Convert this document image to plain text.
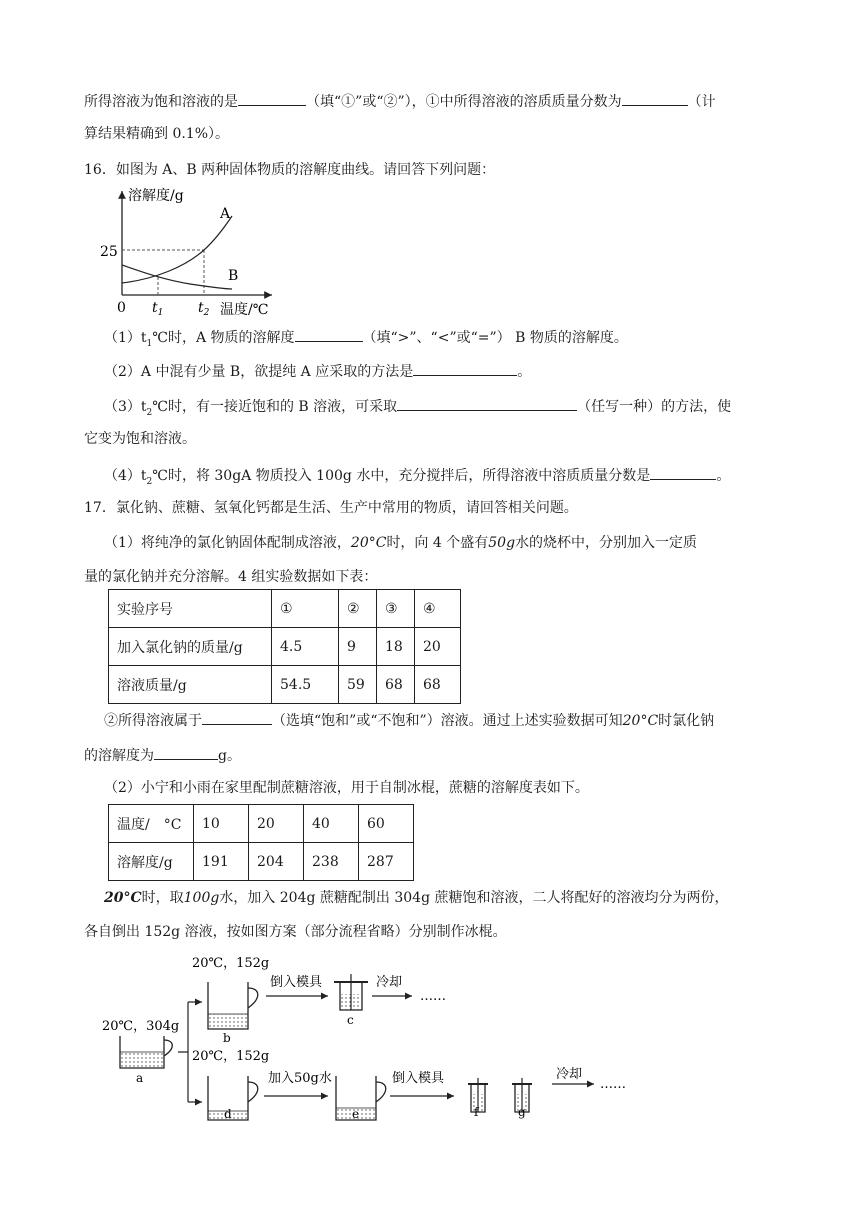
所得溶液为饱和溶液的是	（填“①”或“②”），①中所得溶液的溶质质量分数为	（计
算结果精确到 0.1%）。
16．如图为 A、B 两种固体物质的溶解度曲线。请回答下列问题：
溶解度/g
温度/℃
25
0 $t_1$ $t_2$
A
B
$(1)t_1℃$时，A 物质的溶解度	（填“>”、“<”或“=”） B 物质的溶解度。
（2）A 中混有少量 B，欲提纯 A 应采取的方法是	。
$(3)t_2℃$时，有一接近饱和的 B 溶液，可采取	（任写一种）的方法，使
它变为饱和溶液。
$(4)t_2℃$时，将 30gA 物质投入 100g 水中，充分搅拌后，所得溶液中溶质质量分数是	。
17．氯化钠、蔗糖、氢氧化钙都是生活、生产中常用的物质，请回答相关问题。
（1）将纯净的氯化钠固体配制成溶液，20°C时，向 4 个盛有50g水的烧杯中，分别加入一定质
量的氯化钠并充分溶解。4 组实验数据如下表：
实验序号	①	②	③	④
加入氯化钠的质量/g	4.5	9	18	20
溶液质量/g	54.5	59	68	68
②所得溶液属于	（选填“饱和”或“不饱和”）溶液。通过上述实验数据可知20°C时氯化钠
的溶解度为	g。
（2）小宁和小雨在家里配制蔗糖溶液，用于自制冰棍，蔗糖的溶解度表如下。
温度/　°C	10	20	40	60
溶解度/g	191	204	238	287
20°C时，取100g水，加入 204g 蔗糖配制出 304g 蔗糖饱和溶液，二人将配好的溶液均分为两份，
各自倒出 152g 溶液，按如图方案（部分流程省略）分别制作冰棍。
20℃，304g
a
20℃，152g
b
倒入模具
c
冷却
……
20℃，152g
d
加入50g水
e
倒入模具
f	g
冷却
……
